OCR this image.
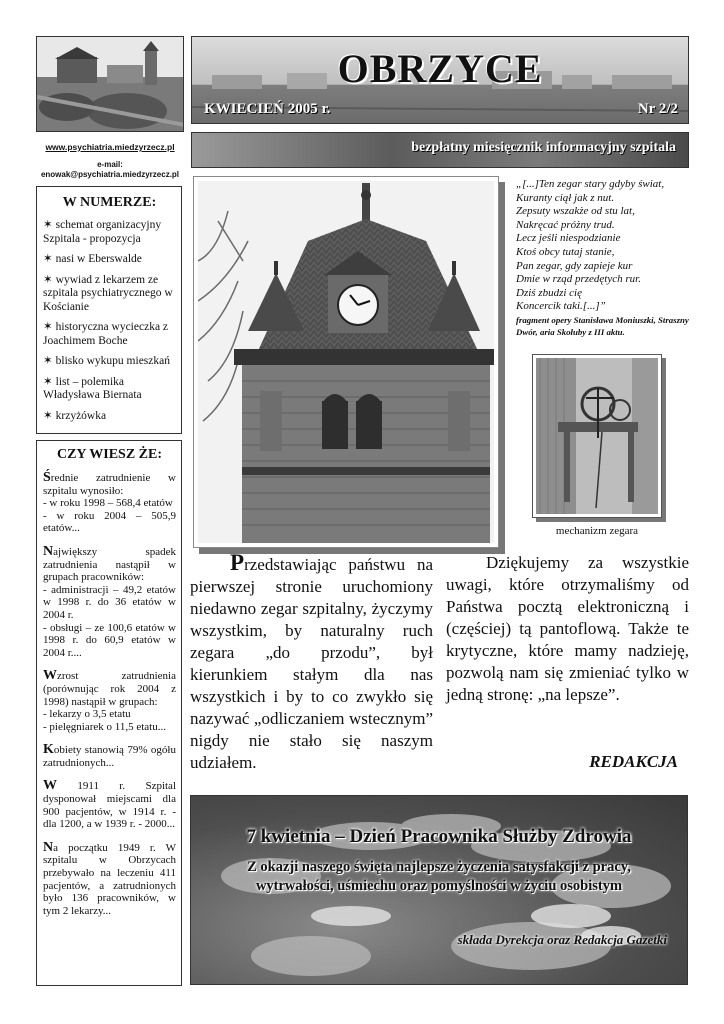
OBRZYCE
KWIECIEŃ 2005 r.	Nr 2/2
bezpłatny miesięcznik informacyjny szpitala
www.psychiatria.miedzyrzecz.pl
e-mail:
enowak@psychiatria.miedzyrzecz.pl
W NUMERZE:
✶ schemat organizacyjny Szpitala - propozycja
✶ nasi w Eberswalde
✶ wywiad z lekarzem ze szpitala psychiatrycznego w Kościanie
✶ historyczna wycieczka z Joachimem Boche
✶ blisko wykupu mieszkań
✶ list – polemika Władysława Biernata
✶ krzyżówka
CZY WIESZ ŻE:
Średnie zatrudnienie w szpitalu wynosiło:
- w roku 1998 – 568,4 etatów
- w roku 2004 – 505,9 etatów...
Największy spadek zatrudnienia nastąpił w grupach pracowników:
- administracji – 49,2 etatów w 1998 r. do 36 etatów w 2004 r.
- obsługi – ze 100,6 etatów w 1998 r. do 60,9 etatów w 2004 r....
Wzrost zatrudnienia (porównując rok 2004 z 1998) nastąpił w grupach:
- lekarzy o 3,5 etatu
- pielęgniarek o 11,5 etatu...
Kobiety stanowią 79% ogółu zatrudnionych...
W 1911 r. Szpital dysponował miejscami dla 900 pacjentów, w 1914 r. - dla 1200, a w 1939 r. - 2000...
Na początku 1949 r. W szpitalu w Obrzycach przebywało na leczeniu 411 pacjentów, a zatrudnionych było 136 pracowników, w tym 2 lekarzy...
„[...]Ten zegar stary gdyby świat,
Kuranty ciął jak z nut.
Zepsuty wszakże od stu lat,
Nakręcać próżny trud.
Lecz jeśli niespodzianie
Ktoś obcy tutaj stanie,
Pan zegar, gdy zapieje kur
Dmie w rząd przedętych rur.
Dziś zbudzi cię
Koncercik taki.[...]”
fragment opery Stanisława Moniuszki, Straszny Dwór, aria Skołuby z III aktu.
mechanizm zegara
Przedstawiając państwu na pierwszej stronie uruchomiony niedawno zegar szpitalny, życzymy wszystkim, by naturalny ruch zegara „do przodu”, był kierunkiem stałym dla nas wszystkich i by to co zwykło się nazywać „odliczaniem wstecznym” nigdy nie stało się naszym udziałem.
Dziękujemy za wszystkie uwagi, które otrzymaliśmy od Państwa pocztą elektroniczną i (częściej) tą pantoflową. Także te krytyczne, które mamy nadzieję, pozwolą nam się zmieniać tylko w jedną stronę: „na lepsze”.
REDAKCJA
7 kwietnia – Dzień Pracownika Służby Zdrowia
Z okazji naszego święta najlepsze życzenia satysfakcji z pracy, wytrwałości, uśmiechu oraz pomyślności w życiu osobistym
składa Dyrekcja oraz Redakcja Gazetki
